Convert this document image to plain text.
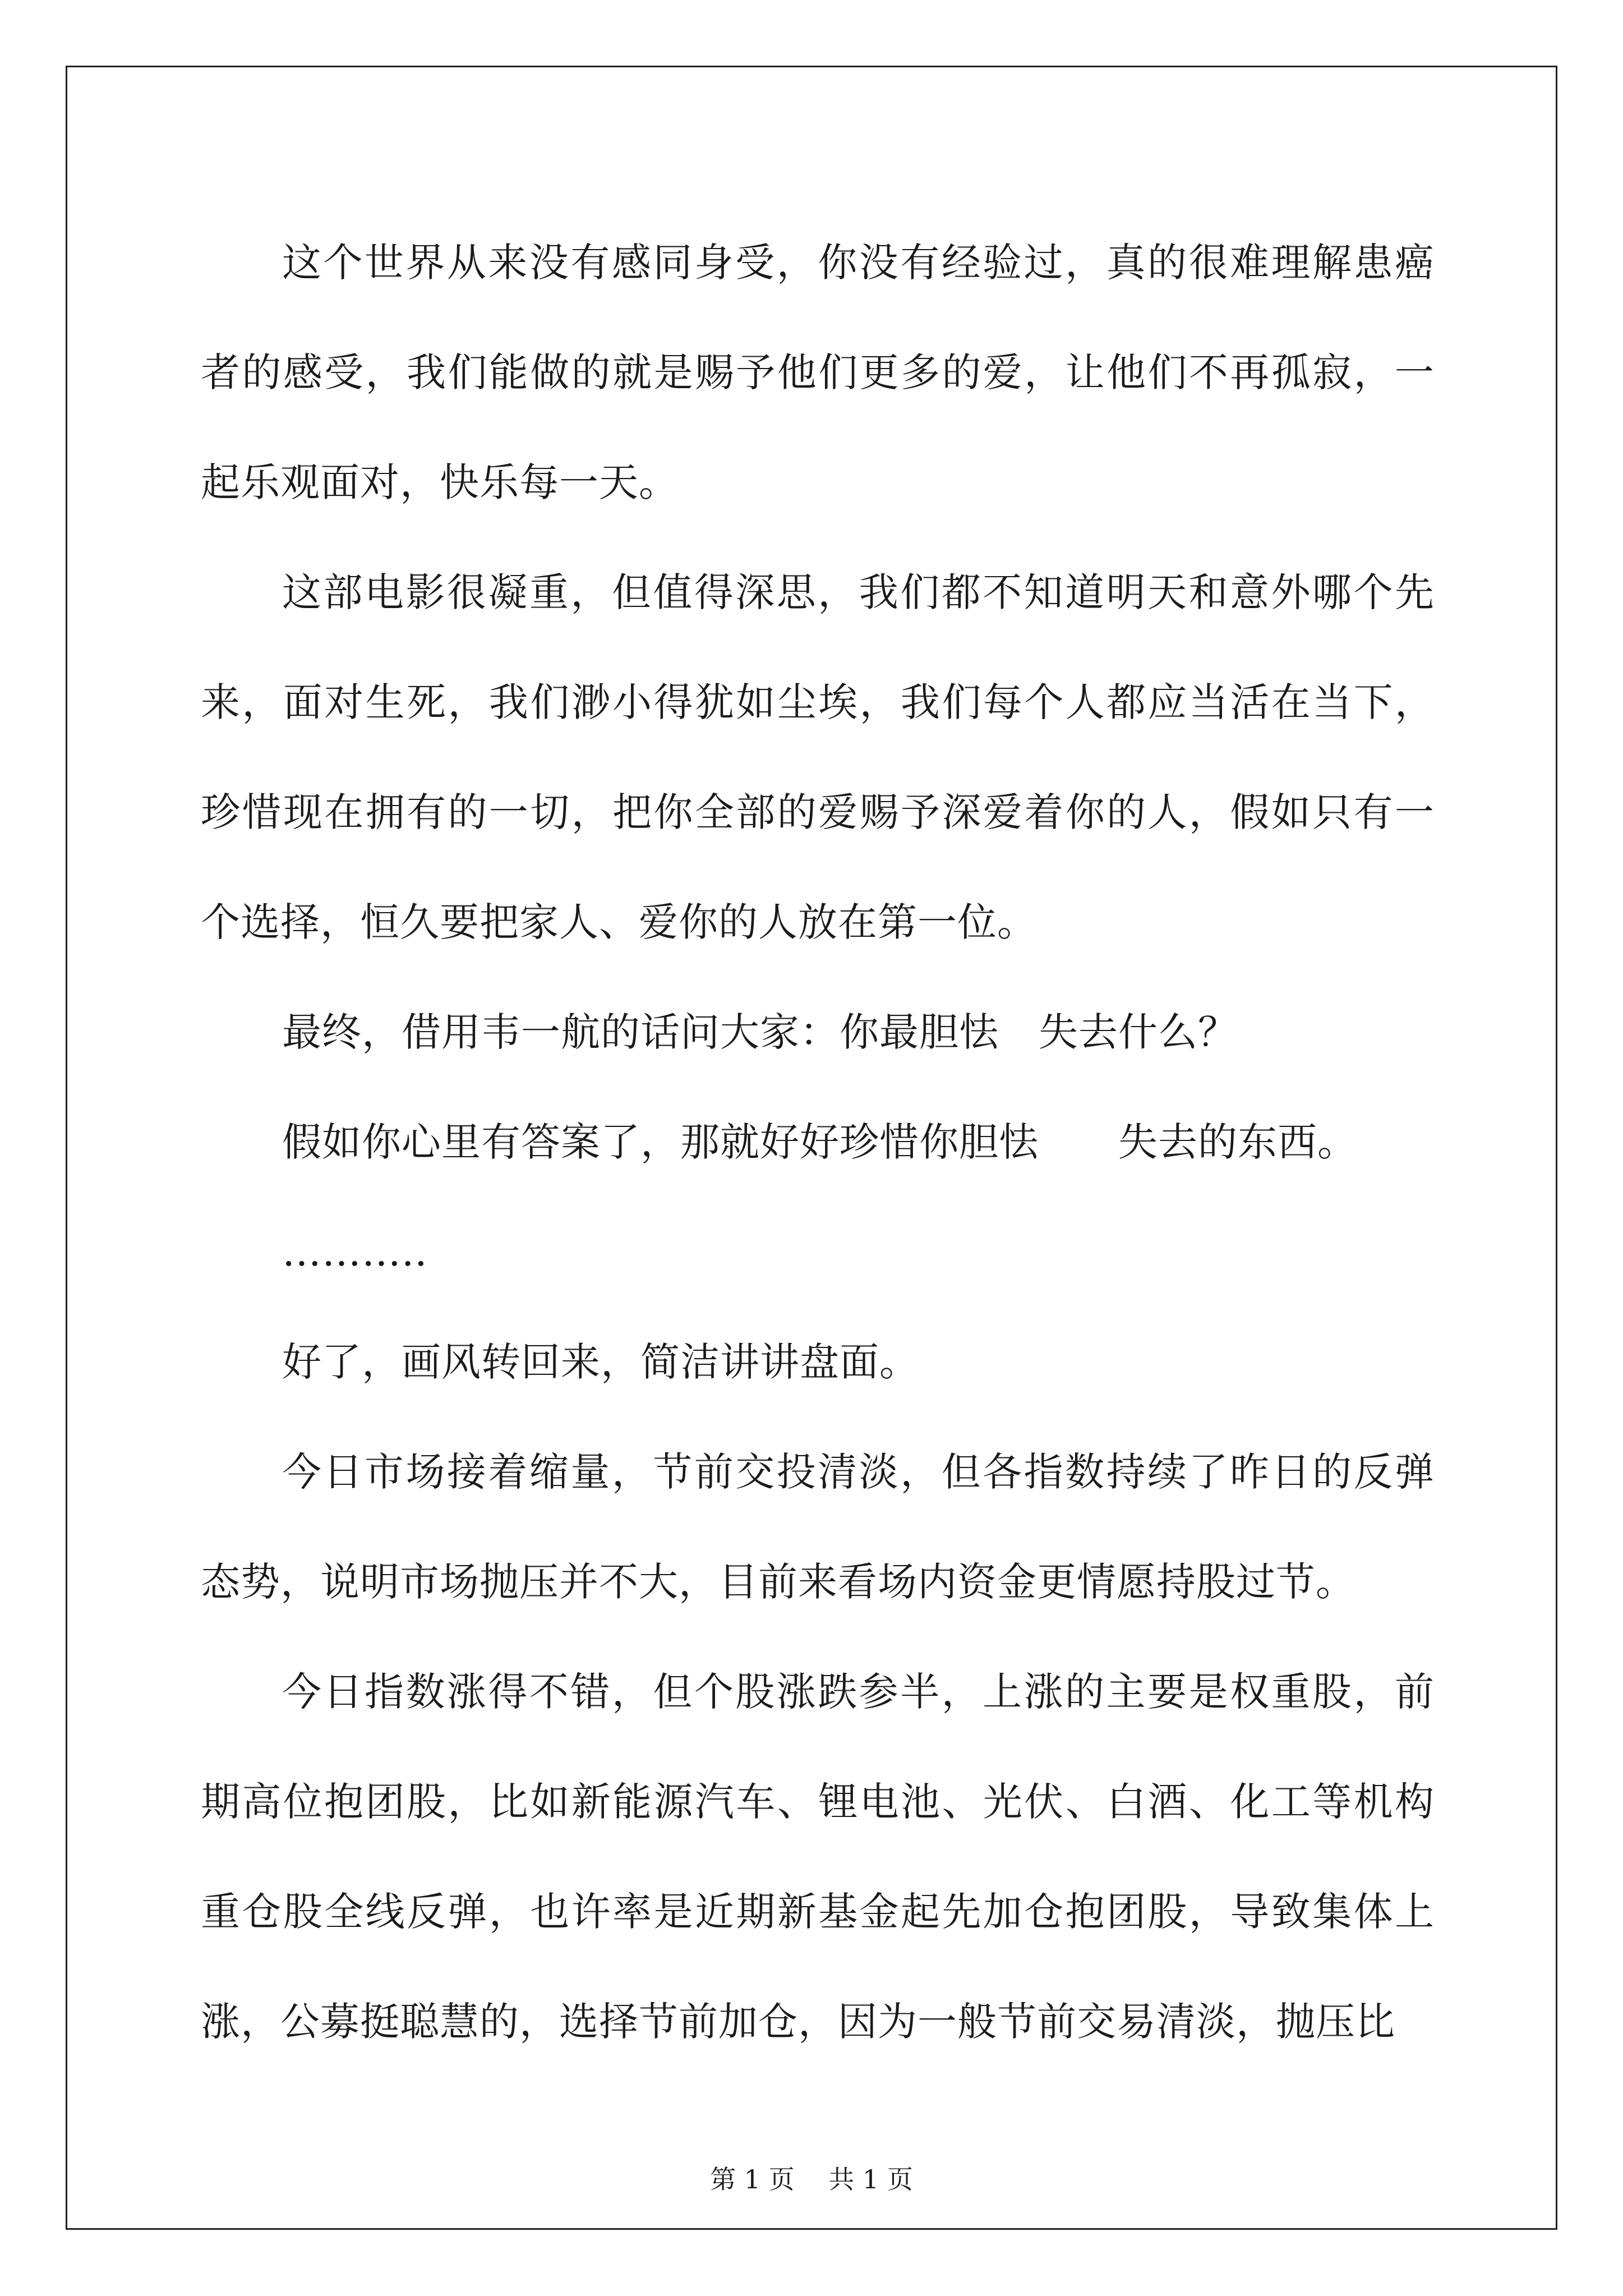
这个世界从来没有感同身受，你没有经验过，真的很难理解患癌者的感受，我们能做的就是赐予他们更多的爱，让他们不再孤寂，一起乐观面对，快乐每一天。

这部电影很凝重，但值得深思，我们都不知道明天和意外哪个先来，面对生死，我们渺小得犹如尘埃，我们每个人都应当活在当下，珍惜现在拥有的一切，把你全部的爱赐予深爱着你的人，假如只有一个选择，恒久要把家人、爱你的人放在第一位。

最终，借用韦一航的话问大家：你最胆怯　失去什么？

假如你心里有答案了，那就好好珍惜你胆怯　　失去的东西。

………..

好了，画风转回来，简洁讲讲盘面。

今日市场接着缩量，节前交投清淡，但各指数持续了昨日的反弹态势，说明市场抛压并不大，目前来看场内资金更情愿持股过节。

今日指数涨得不错，但个股涨跌参半，上涨的主要是权重股，前期高位抱团股，比如新能源汽车、锂电池、光伏、白酒、化工等机构重仓股全线反弹，也许率是近期新基金起先加仓抱团股，导致集体上涨，公募挺聪慧的，选择节前加仓，因为一般节前交易清淡，抛压比

第 1 页　 共 1 页
